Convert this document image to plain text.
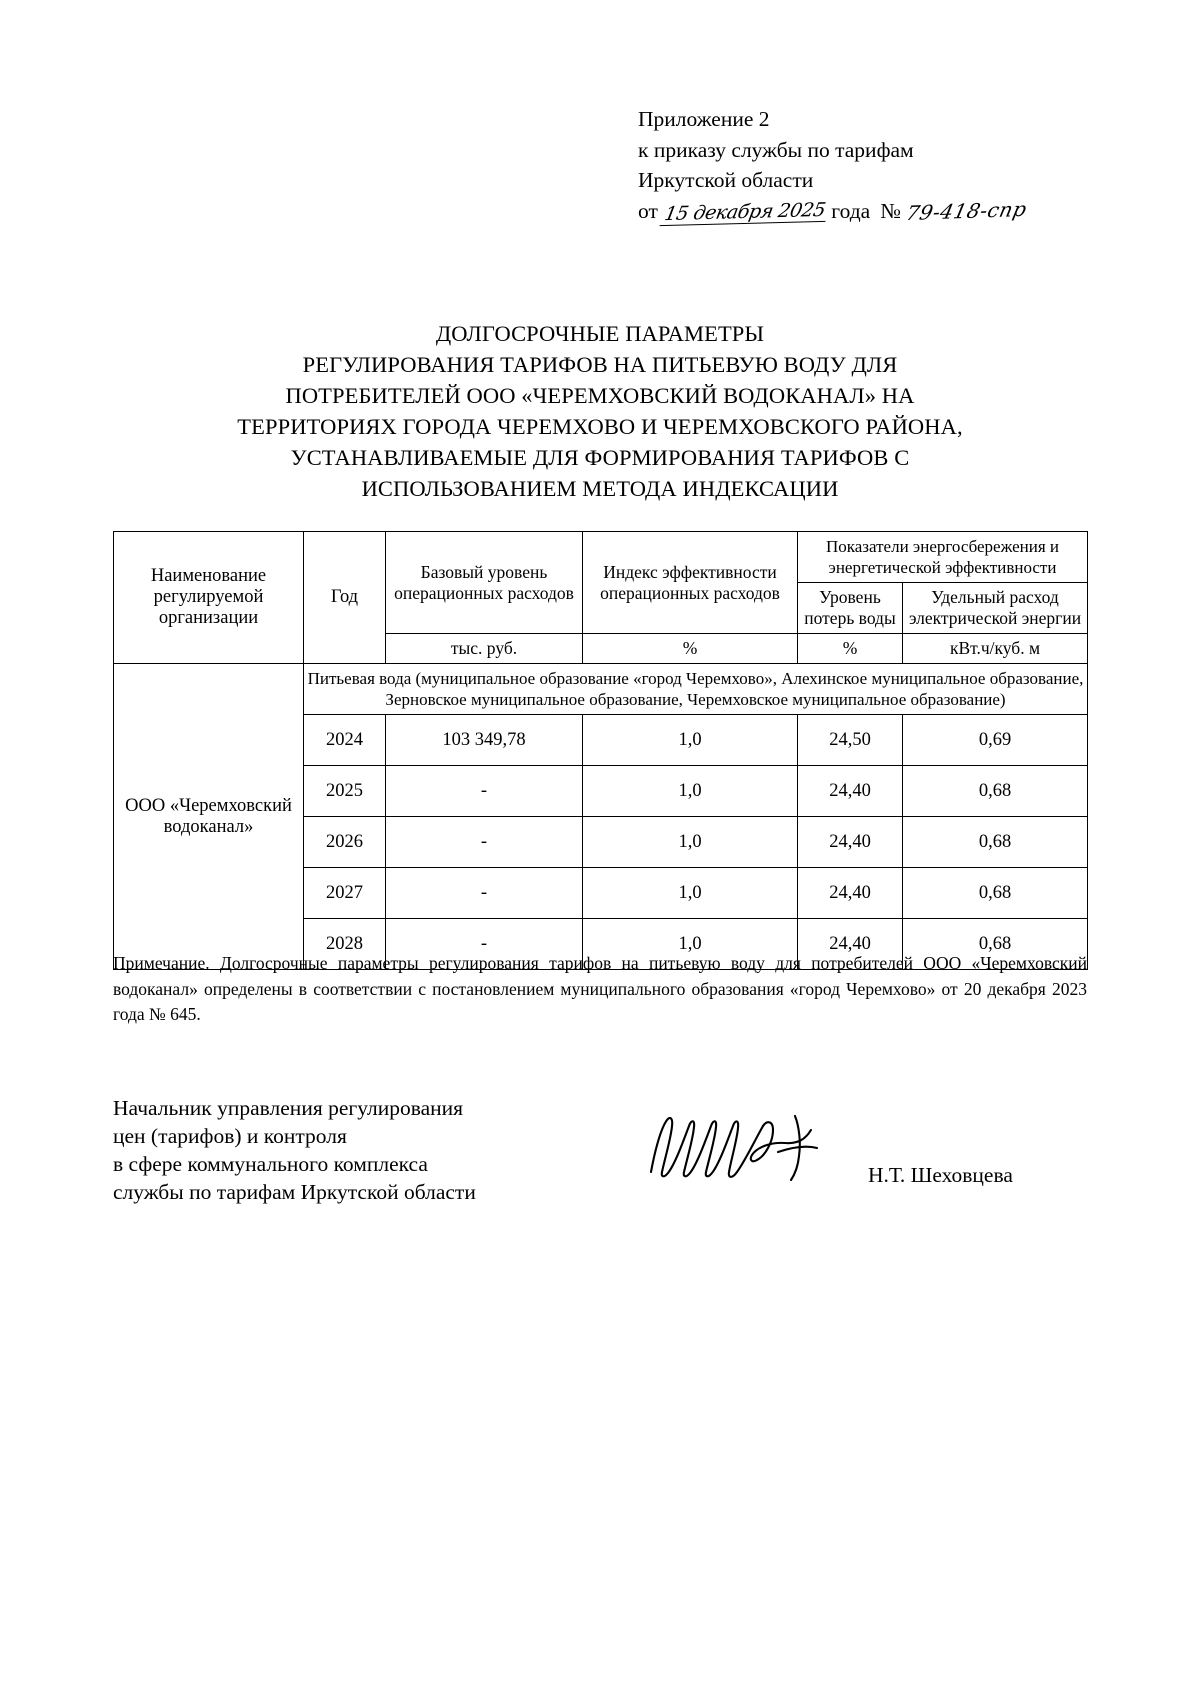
Приложение 2
к приказу службы по тарифам
Иркутской области
от 15 декабря 2025 года № 79-418-спр
ДОЛГОСРОЧНЫЕ ПАРАМЕТРЫ
РЕГУЛИРОВАНИЯ ТАРИФОВ НА ПИТЬЕВУЮ ВОДУ ДЛЯ
ПОТРЕБИТЕЛЕЙ ООО «ЧЕРЕМХОВСКИЙ ВОДОКАНАЛ» НА
ТЕРРИТОРИЯХ ГОРОДА ЧЕРЕМХОВО И ЧЕРЕМХОВСКОГО РАЙОНА,
УСТАНАВЛИВАЕМЫЕ ДЛЯ ФОРМИРОВАНИЯ ТАРИФОВ С
ИСПОЛЬЗОВАНИЕМ МЕТОДА ИНДЕКСАЦИИ
Наименование регулируемой организации	Год	Базовый уровень операционных расходов	Индекс эффективности операционных расходов	Показатели энергосбережения и энергетической эффективности	
				Уровень потерь воды	Удельный расход электрической энергии
		тыс. руб.	%	%	кВт.ч/куб. м
ООО «Черемховский водоканал»	Питьевая вода (муниципальное образование «город Черемхово», Алехинское муниципальное образование, Зерновское муниципальное образование, Черемховское муниципальное образование)				
	2024	103 349,78	1,0	24,50	0,69
	2025	-	1,0	24,40	0,68
	2026	-	1,0	24,40	0,68
	2027	-	1,0	24,40	0,68
	2028	-	1,0	24,40	0,68
Примечание. Долгосрочные параметры регулирования тарифов на питьевую воду для потребителей ООО «Черемховский водоканал» определены в соответствии с постановлением муниципального образования «город Черемхово» от 20 декабря 2023 года № 645.
Начальник управления регулирования
цен (тарифов) и контроля
в сфере коммунального комплекса
службы по тарифам Иркутской области
Н.Т. Шеховцева
